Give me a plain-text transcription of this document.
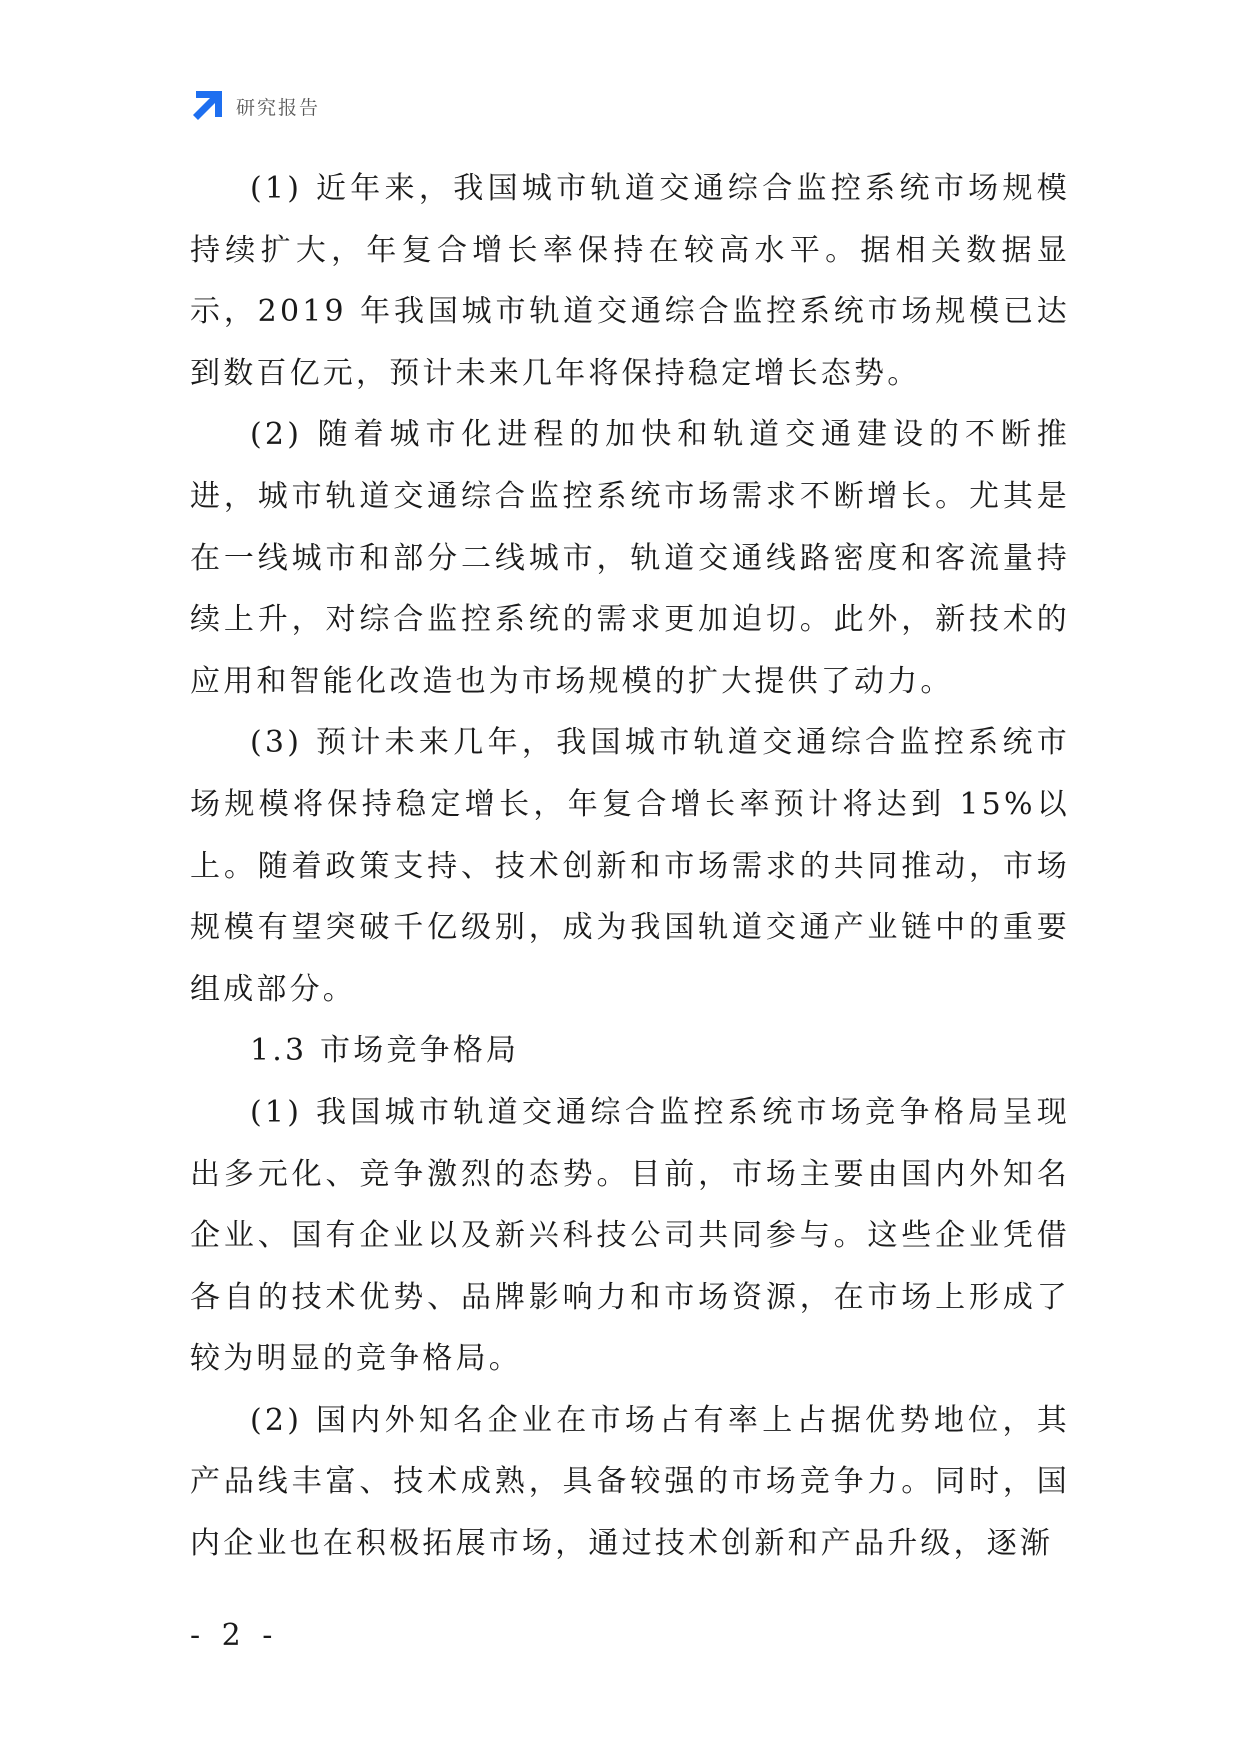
研究报告

(1) 近年来，我国城市轨道交通综合监控系统市场规模持续扩大，年复合增长率保持在较高水平。据相关数据显示，2019 年我国城市轨道交通综合监控系统市场规模已达到数百亿元，预计未来几年将保持稳定增长态势。

(2) 随着城市化进程的加快和轨道交通建设的不断推进，城市轨道交通综合监控系统市场需求不断增长。尤其是在一线城市和部分二线城市，轨道交通线路密度和客流量持续上升，对综合监控系统的需求更加迫切。此外，新技术的应用和智能化改造也为市场规模的扩大提供了动力。

(3) 预计未来几年，我国城市轨道交通综合监控系统市场规模将保持稳定增长，年复合增长率预计将达到 15%以上。随着政策支持、技术创新和市场需求的共同推动，市场规模有望突破千亿级别，成为我国轨道交通产业链中的重要组成部分。

1.3 市场竞争格局

(1) 我国城市轨道交通综合监控系统市场竞争格局呈现出多元化、竞争激烈的态势。目前，市场主要由国内外知名企业、国有企业以及新兴科技公司共同参与。这些企业凭借各自的技术优势、品牌影响力和市场资源，在市场上形成了较为明显的竞争格局。

(2) 国内外知名企业在市场占有率上占据优势地位，其产品线丰富、技术成熟，具备较强的市场竞争力。同时，国内企业也在积极拓展市场，通过技术创新和产品升级，逐渐

- 2 -
